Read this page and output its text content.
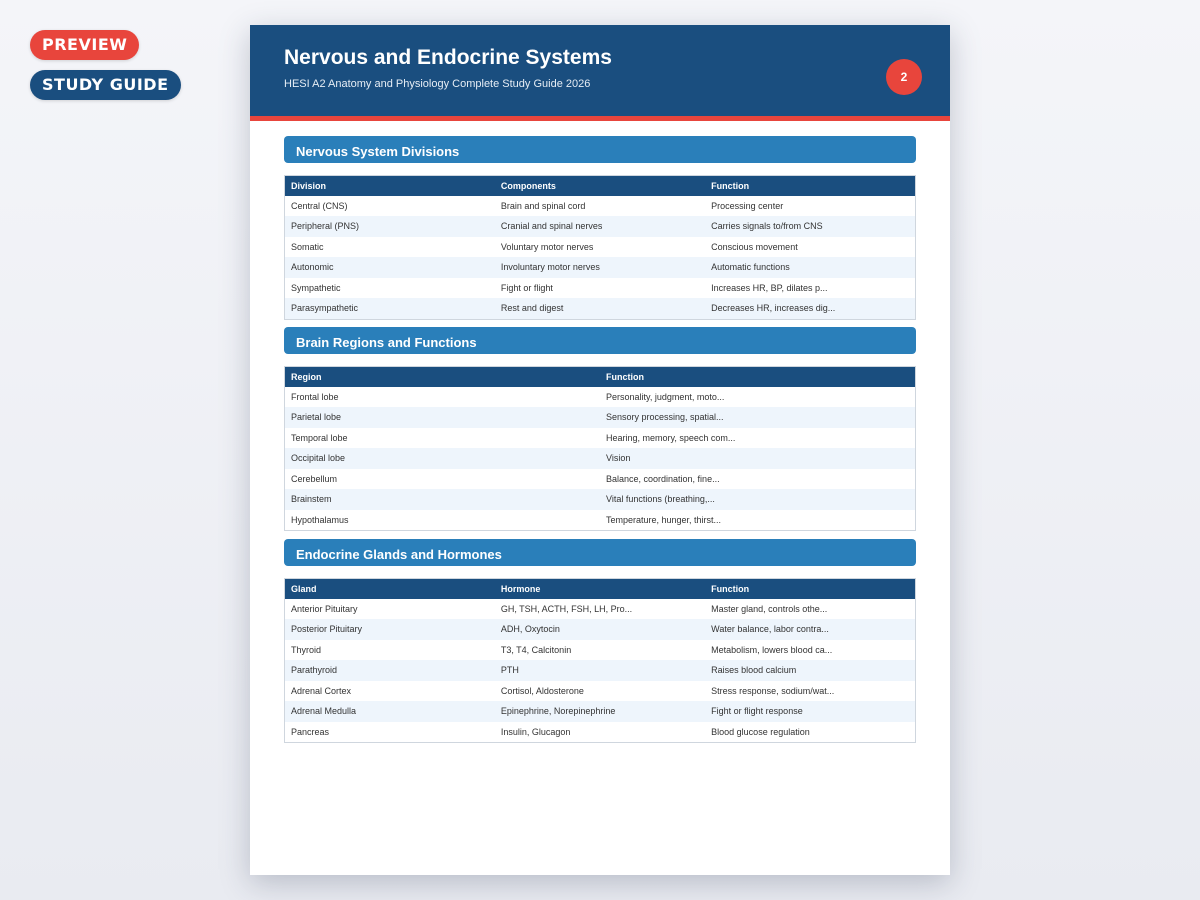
PREVIEW
STUDY GUIDE
Nervous and Endocrine Systems
HESI A2 Anatomy and Physiology Complete Study Guide 2026	2
Nervous System Divisions
Division	Components	Function
Central (CNS)	Brain and spinal cord	Processing center
Peripheral (PNS)	Cranial and spinal nerves	Carries signals to/from CNS
Somatic	Voluntary motor nerves	Conscious movement
Autonomic	Involuntary motor nerves	Automatic functions
Sympathetic	Fight or flight	Increases HR, BP, dilates p...
Parasympathetic	Rest and digest	Decreases HR, increases dig...
Brain Regions and Functions
Region	Function
Frontal lobe	Personality, judgment, moto...
Parietal lobe	Sensory processing, spatial...
Temporal lobe	Hearing, memory, speech com...
Occipital lobe	Vision
Cerebellum	Balance, coordination, fine...
Brainstem	Vital functions (breathing,...
Hypothalamus	Temperature, hunger, thirst...
Endocrine Glands and Hormones
Gland	Hormone	Function
Anterior Pituitary	GH, TSH, ACTH, FSH, LH, Pro...	Master gland, controls othe...
Posterior Pituitary	ADH, Oxytocin	Water balance, labor contra...
Thyroid	T3, T4, Calcitonin	Metabolism, lowers blood ca...
Parathyroid	PTH	Raises blood calcium
Adrenal Cortex	Cortisol, Aldosterone	Stress response, sodium/wat...
Adrenal Medulla	Epinephrine, Norepinephrine	Fight or flight response
Pancreas	Insulin, Glucagon	Blood glucose regulation
